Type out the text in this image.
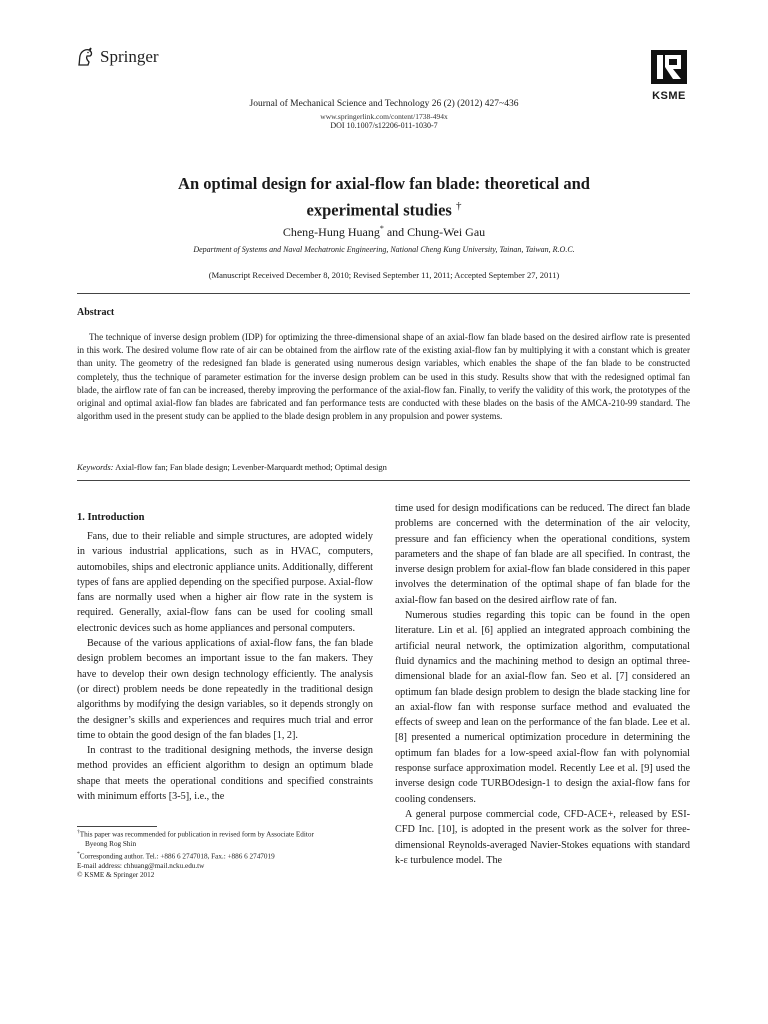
Springer
KSME
Journal of Mechanical Science and Technology 26 (2) (2012) 427~436
www.springerlink.com/content/1738-494x
DOI 10.1007/s12206-011-1030-7
An optimal design for axial-flow fan blade: theoretical and
experimental studies †
Cheng-Hung Huang* and Chung-Wei Gau
Department of Systems and Naval Mechatronic Engineering, National Cheng Kung University, Tainan, Taiwan, R.O.C.
(Manuscript Received December 8, 2010; Revised September 11, 2011; Accepted September 27, 2011)
Abstract
The technique of inverse design problem (IDP) for optimizing the three-dimensional shape of an axial-flow fan blade based on the desired airflow rate is presented in this work. The desired volume flow rate of air can be obtained from the airflow rate of the existing axial-flow fan by multiplying it with a constant which is greater than unity. The geometry of the redesigned fan blade is generated using numerous design variables, which enables the shape of the fan blade to be constructed completely, thus the technique of parameter estimation for the inverse design problem can be used in this study. Results show that with the redesigned optimal fan blade, the airflow rate of fan can be increased, thereby improving the performance of the axial-flow fan. Finally, to verify the validity of this work, the prototypes of the original and optimal axial-flow fan blades are fabricated and fan performance tests are conducted with these blades on the basis of the AMCA-210-99 standard. The algorithm used in the present study can be applied to the blade design problem in any propulsion and power systems.
Keywords: Axial-flow fan; Fan blade design; Levenber-Marquardt method; Optimal design
1. Introduction

Fans, due to their reliable and simple structures, are adopted widely in various industrial applications, such as in HVAC, computers, automobiles, ships and electronic appliance units. Additionally, different types of fans are applied depending on the specified purpose. Axial-flow fans are normally used when a higher air flow rate in the system is required. Generally, axial-flow fans can be used for cooling small electronic devices such as home appliances and personal computers.

Because of the various applications of axial-flow fans, the fan blade design problem becomes an important issue to the fan makers. They have to develop their own design technology efficiently. The analysis (or direct) problem needs be done repeatedly in the traditional design algorithms by modifying the design variables, so it depends strongly on the designer’s skills and experiences and requires much trial and error time to obtain the good design of the fan blades [1, 2].

In contrast to the traditional designing methods, the inverse design method provides an efficient algorithm to design an optimum blade shape that meets the operational conditions and specified constraints with minimum efforts [3-5], i.e., the

time used for design modifications can be reduced. The direct fan blade problems are concerned with the determination of the air velocity, pressure and fan efficiency when the operational conditions, system parameters and the shape of fan blade are all specified. In contrast, the inverse design problem for axial-flow fan blade considered in this paper involves the determination of the optimal shape of fan blade for the axial-flow fan based on the desired airflow rate of fan.

Numerous studies regarding this topic can be found in the open literature. Lin et al. [6] applied an integrated approach combining the artificial neural network, the optimization algorithm, computational fluid dynamics and the machining method to design an optimal three-dimensional blade for an axial-flow fan. Seo et al. [7] considered an optimum fan blade design problem to design the blade stacking line for an axial-flow fan with response surface method and evaluated the effects of sweep and lean on the performance of the fan blade. Lee et al. [8] presented a numerical optimization procedure in determining the optimum fan blades for a low-speed axial-flow fan with polynomial response surface approximation model. Recently Lee et al. [9] used the inverse design code TURBOdesign-1 to design the axial-flow fans for cooling condensers.

A general purpose commercial code, CFD-ACE+, released by ESI-CFD Inc. [10], is adopted in the present work as the solver for three-dimensional Reynolds-averaged Navier-Stokes equations with standard k-ε turbulence model. The

†This paper was recommended for publication in revised form by Associate Editor
Byeong Rog Shin
*Corresponding author. Tel.: +886 6 2747018, Fax.: +886 6 2747019
E-mail address: chhuang@mail.ncku.edu.tw
© KSME & Springer 2012
